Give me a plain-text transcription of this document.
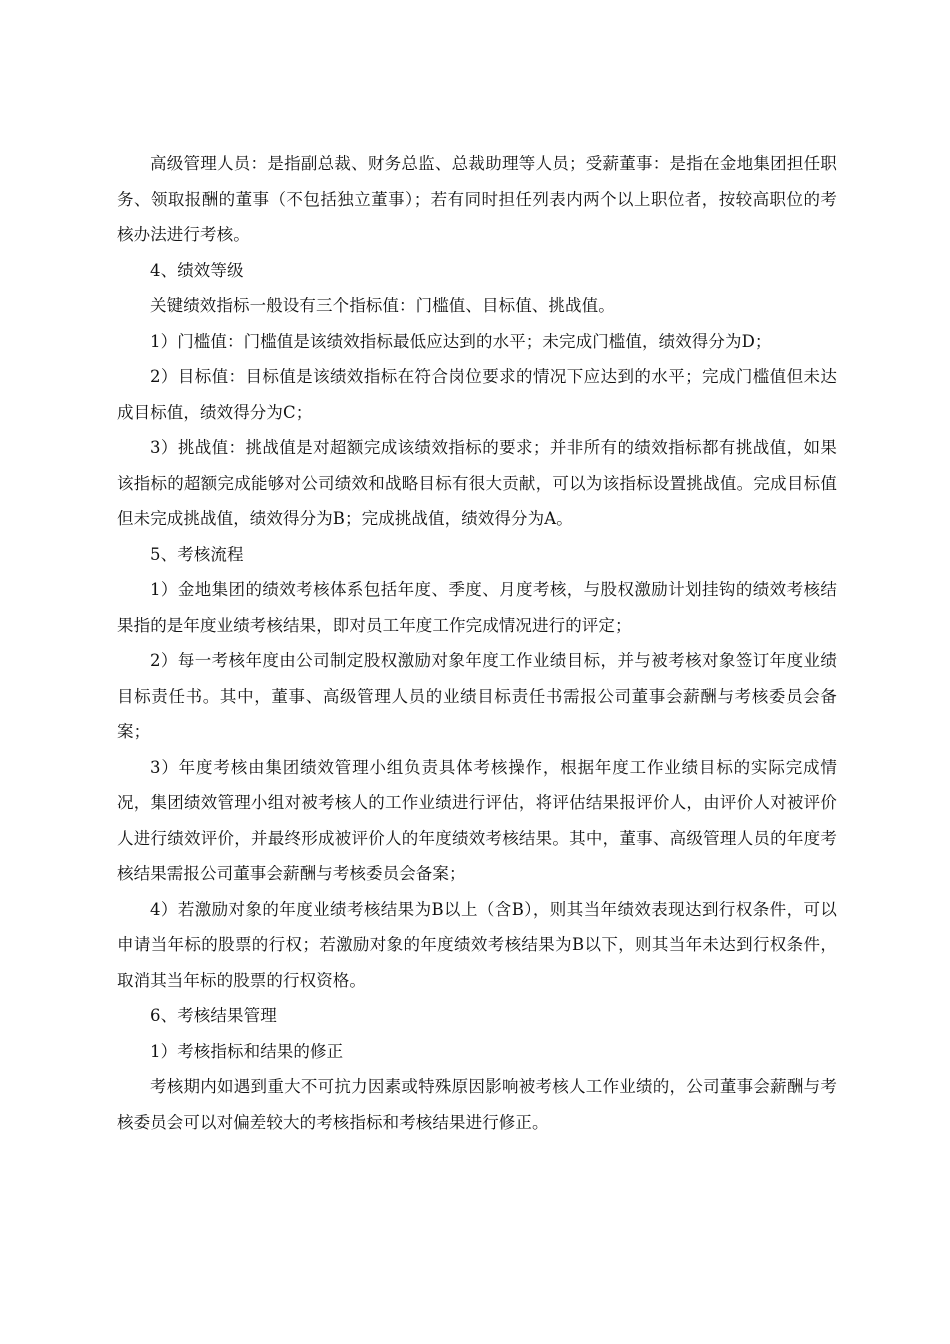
高级管理人员：是指副总裁、财务总监、总裁助理等人员；受薪董事：是指在金地集团担任职务、领取报酬的董事（不包括独立董事）；若有同时担任列表内两个以上职位者，按较高职位的考核办法进行考核。

4、绩效等级

关键绩效指标一般设有三个指标值：门槛值、目标值、挑战值。

1）门槛值：门槛值是该绩效指标最低应达到的水平；未完成门槛值，绩效得分为D；

2）目标值：目标值是该绩效指标在符合岗位要求的情况下应达到的水平；完成门槛值但未达成目标值，绩效得分为C；

3）挑战值：挑战值是对超额完成该绩效指标的要求；并非所有的绩效指标都有挑战值，如果该指标的超额完成能够对公司绩效和战略目标有很大贡献，可以为该指标设置挑战值。完成目标值但未完成挑战值，绩效得分为B；完成挑战值，绩效得分为A。

5、考核流程

1）金地集团的绩效考核体系包括年度、季度、月度考核，与股权激励计划挂钩的绩效考核结果指的是年度业绩考核结果，即对员工年度工作完成情况进行的评定；

2）每一考核年度由公司制定股权激励对象年度工作业绩目标，并与被考核对象签订年度业绩目标责任书。其中，董事、高级管理人员的业绩目标责任书需报公司董事会薪酬与考核委员会备案；

3）年度考核由集团绩效管理小组负责具体考核操作，根据年度工作业绩目标的实际完成情况，集团绩效管理小组对被考核人的工作业绩进行评估，将评估结果报评价人，由评价人对被评价人进行绩效评价，并最终形成被评价人的年度绩效考核结果。其中，董事、高级管理人员的年度考核结果需报公司董事会薪酬与考核委员会备案；

4）若激励对象的年度业绩考核结果为B以上（含B），则其当年绩效表现达到行权条件，可以申请当年标的股票的行权；若激励对象的年度绩效考核结果为B以下，则其当年未达到行权条件，取消其当年标的股票的行权资格。

6、考核结果管理

1）考核指标和结果的修正

考核期内如遇到重大不可抗力因素或特殊原因影响被考核人工作业绩的，公司董事会薪酬与考核委员会可以对偏差较大的考核指标和考核结果进行修正。
